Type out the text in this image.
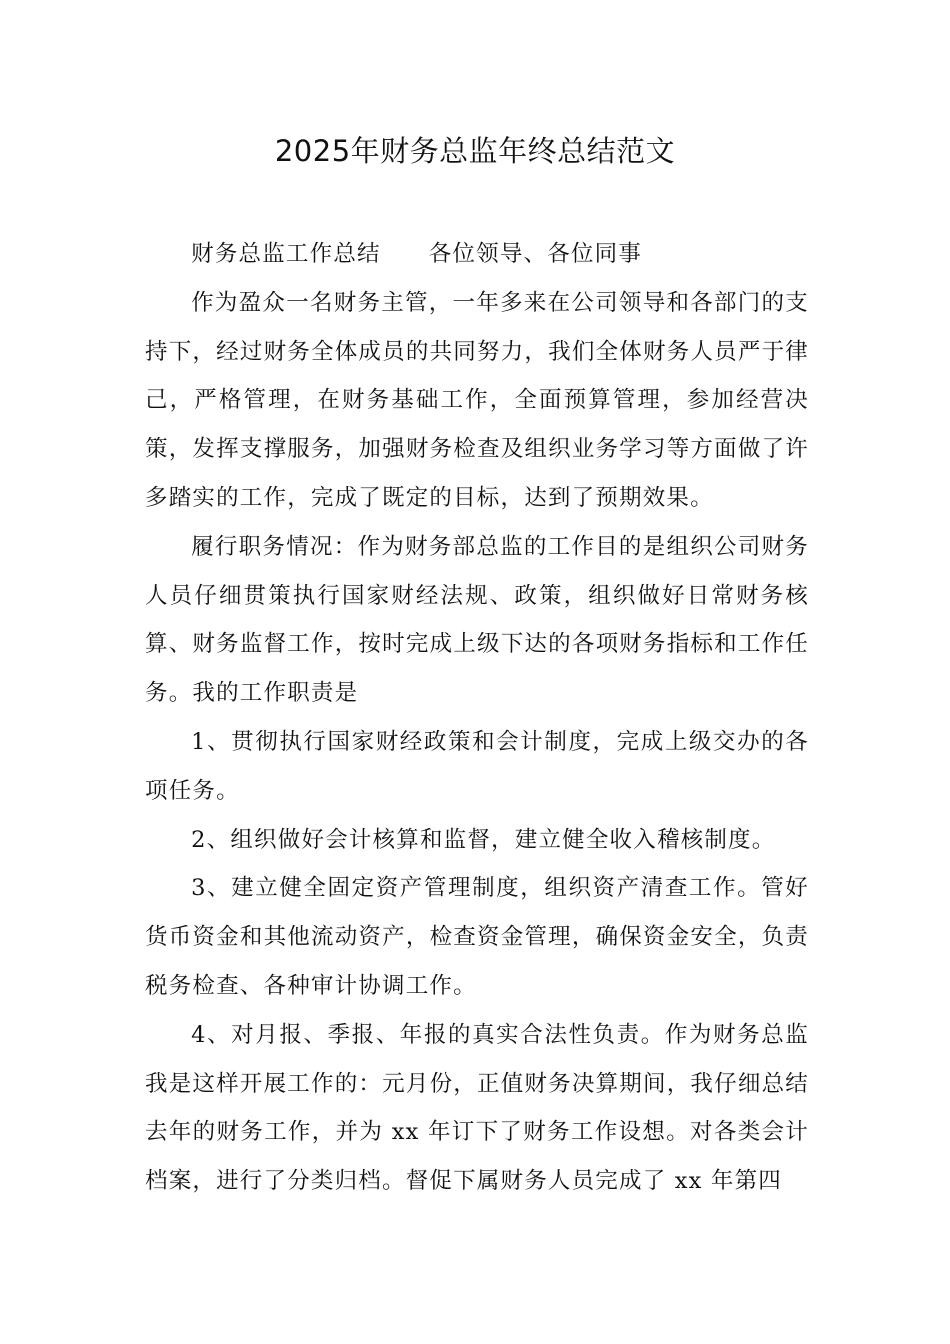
2025年财务总监年终总结范文

财务总监工作总结 各位领导、各位同事

作为盈众一名财务主管，一年多来在公司领导和各部门的支持下，经过财务全体成员的共同努力，我们全体财务人员严于律己，严格管理，在财务基础工作，全面预算管理，参加经营决策，发挥支撑服务，加强财务检查及组织业务学习等方面做了许多踏实的工作，完成了既定的目标，达到了预期效果。

履行职务情况：作为财务部总监的工作目的是组织公司财务人员仔细贯策执行国家财经法规、政策，组织做好日常财务核算、财务监督工作，按时完成上级下达的各项财务指标和工作任务。我的工作职责是

1、贯彻执行国家财经政策和会计制度，完成上级交办的各项任务。

2、组织做好会计核算和监督，建立健全收入稽核制度。

3、建立健全固定资产管理制度，组织资产清查工作。管好货币资金和其他流动资产，检查资金管理，确保资金安全，负责税务检查、各种审计协调工作。

4、对月报、季报、年报的真实合法性负责。作为财务总监我是这样开展工作的：元月份，正值财务决算期间，我仔细总结去年的财务工作，并为 xx 年订下了财务工作设想。对各类会计档案，进行了分类归档。督促下属财务人员完成了 xx 年第四
